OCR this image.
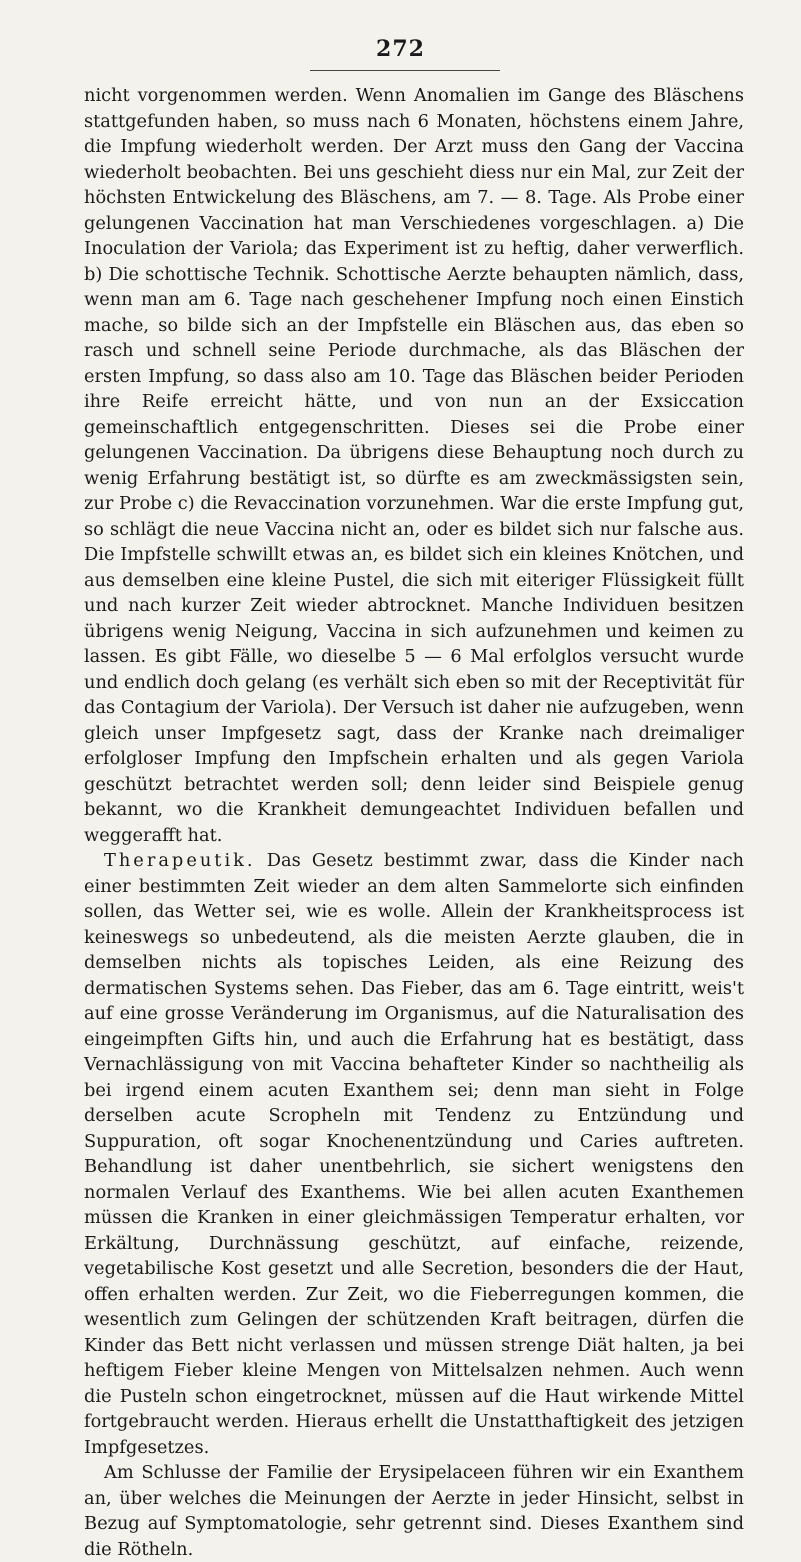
272

nicht vorgenommen werden. Wenn Anomalien im Gange des Bläschens stattgefunden haben, so muss nach 6 Monaten, höchstens einem Jahre, die Impfung wiederholt werden. Der Arzt muss den Gang der Vaccina wiederholt beobachten. Bei uns geschieht diess nur ein Mal, zur Zeit der höchsten Entwickelung des Bläschens, am 7. — 8. Tage. Als Probe einer gelungenen Vaccination hat man Verschiedenes vorgeschlagen. a) Die Inoculation der Variola; das Experiment ist zu heftig, daher verwerflich. b) Die schottische Technik. Schottische Aerzte behaupten nämlich, dass, wenn man am 6. Tage nach geschehener Impfung noch einen Einstich mache, so bilde sich an der Impfstelle ein Bläschen aus, das eben so rasch und schnell seine Periode durchmache, als das Bläschen der ersten Impfung, so dass also am 10. Tage das Bläschen beider Perioden ihre Reife erreicht hätte, und von nun an der Exsiccation gemeinschaftlich entgegenschritten. Dieses sei die Probe einer gelungenen Vaccination. Da übrigens diese Behauptung noch durch zu wenig Erfahrung bestätigt ist, so dürfte es am zweckmässigsten sein, zur Probe c) die Revaccination vorzunehmen. War die erste Impfung gut, so schlägt die neue Vaccina nicht an, oder es bildet sich nur falsche aus. Die Impfstelle schwillt etwas an, es bildet sich ein kleines Knötchen, und aus demselben eine kleine Pustel, die sich mit eiteriger Flüssigkeit füllt und nach kurzer Zeit wieder abtrocknet. Manche Individuen besitzen übrigens wenig Neigung, Vaccina in sich aufzunehmen und keimen zu lassen. Es gibt Fälle, wo dieselbe 5 — 6 Mal erfolglos versucht wurde und endlich doch gelang (es verhält sich eben so mit der Receptivität für das Contagium der Variola). Der Versuch ist daher nie aufzugeben, wenn gleich unser Impfgesetz sagt, dass der Kranke nach dreimaliger erfolgloser Impfung den Impfschein erhalten und als gegen Variola geschützt betrachtet werden soll; denn leider sind Beispiele genug bekannt, wo die Krankheit demungeachtet Individuen befallen und weggerafft hat.

Therapeutik. Das Gesetz bestimmt zwar, dass die Kinder nach einer bestimmten Zeit wieder an dem alten Sammelorte sich einfinden sollen, das Wetter sei, wie es wolle. Allein der Krankheitsprocess ist keineswegs so unbedeutend, als die meisten Aerzte glauben, die in demselben nichts als topisches Leiden, als eine Reizung des dermatischen Systems sehen. Das Fieber, das am 6. Tage eintritt, weis't auf eine grosse Veränderung im Organismus, auf die Naturalisation des eingeimpften Gifts hin, und auch die Erfahrung hat es bestätigt, dass Vernachlässigung von mit Vaccina behafteter Kinder so nachtheilig als bei irgend einem acuten Exanthem sei; denn man sieht in Folge derselben acute Scropheln mit Tendenz zu Entzündung und Suppuration, oft sogar Knochenentzündung und Caries auftreten. Behandlung ist daher unentbehrlich, sie sichert wenigstens den normalen Verlauf des Exanthems. Wie bei allen acuten Exanthemen müssen die Kranken in einer gleichmässigen Temperatur erhalten, vor Erkältung, Durchnässung geschützt, auf einfache, reizende, vegetabilische Kost gesetzt und alle Secretion, besonders die der Haut, offen erhalten werden. Zur Zeit, wo die Fieberregungen kommen, die wesentlich zum Gelingen der schützenden Kraft beitragen, dürfen die Kinder das Bett nicht verlassen und müssen strenge Diät halten, ja bei heftigem Fieber kleine Mengen von Mittelsalzen nehmen. Auch wenn die Pusteln schon eingetrocknet, müssen auf die Haut wirkende Mittel fortgebraucht werden. Hieraus erhellt die Unstatthaftigkeit des jetzigen Impfgesetzes.

Am Schlusse der Familie der Erysipelaceen führen wir ein Exanthem an, über welches die Meinungen der Aerzte in jeder Hinsicht, selbst in Bezug auf Symptomatologie, sehr getrennt sind. Dieses Exanthem sind die Rötheln.
